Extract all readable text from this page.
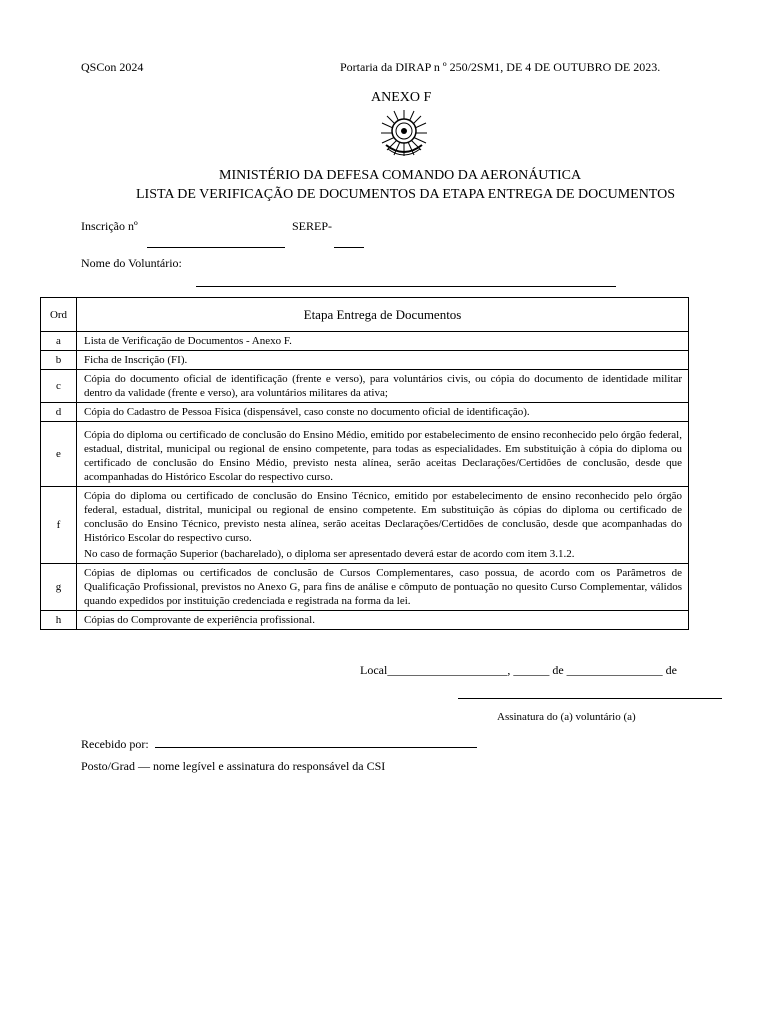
QSCon 2024	Portaria da DIRAP n º 250/2SM1, DE 4 DE OUTUBRO DE 2023.
ANEXO F
MINISTÉRIO DA DEFESA COMANDO DA AERONÁUTICA
LISTA DE VERIFICAÇÃO DE DOCUMENTOS DA ETAPA ENTREGA DE DOCUMENTOS
Inscrição nº	SEREP-
Nome do Voluntário:
Ord	Etapa Entrega de Documentos
a	Lista de Verificação de Documentos - Anexo F.

b	Ficha de Inscrição (FI).

c	Cópia do documento oficial de identificação (frente e verso), para voluntários civis, ou cópia do documento de identidade militar dentro da validade (frente e verso), ara voluntários militares da ativa;

d	Cópia do Cadastro de Pessoa Física (dispensável, caso conste no documento oficial de identificação).

e	Cópia do diploma ou certificado de conclusão do Ensino Médio, emitido por estabelecimento de ensino reconhecido pelo órgão federal, estadual, distrital, municipal ou regional de ensino competente, para todas as especialidades. Em substituição à cópia do diploma ou certificado de conclusão do Ensino Médio, previsto nesta alínea, serão aceitas Declarações/Certidões de conclusão, desde que acompanhadas do Histórico Escolar do respectivo curso.

f	Cópia do diploma ou certificado de conclusão do Ensino Técnico, emitido por estabelecimento de ensino reconhecido pelo órgão federal, estadual, distrital, municipal ou regional de ensino competente. Em substituição às cópias do diploma ou certificado de conclusão do Ensino Técnico, previsto nesta alínea, serão aceitas Declarações/Certidões de conclusão, desde que acompanhadas do Histórico Escolar do respectivo curso.

No caso de formação Superior (bacharelado), o diploma ser apresentado deverá estar de acordo com item 3.1.2.

g	Cópias de diplomas ou certificados de conclusão de Cursos Complementares, caso possua, de acordo com os Parâmetros de Qualificação Profissional, previstos no Anexo G, para fins de análise e cômputo de pontuação no quesito Curso Complementar, válidos quando expedidos por instituição credenciada e registrada na forma da lei.

h	Cópias do Comprovante de experiência profissional.

Local____________________, ______ de ________________ de
Assinatura do (a) voluntário (a)
Recebido por:
Posto/Grad — nome legível e assinatura do responsável da CSI
